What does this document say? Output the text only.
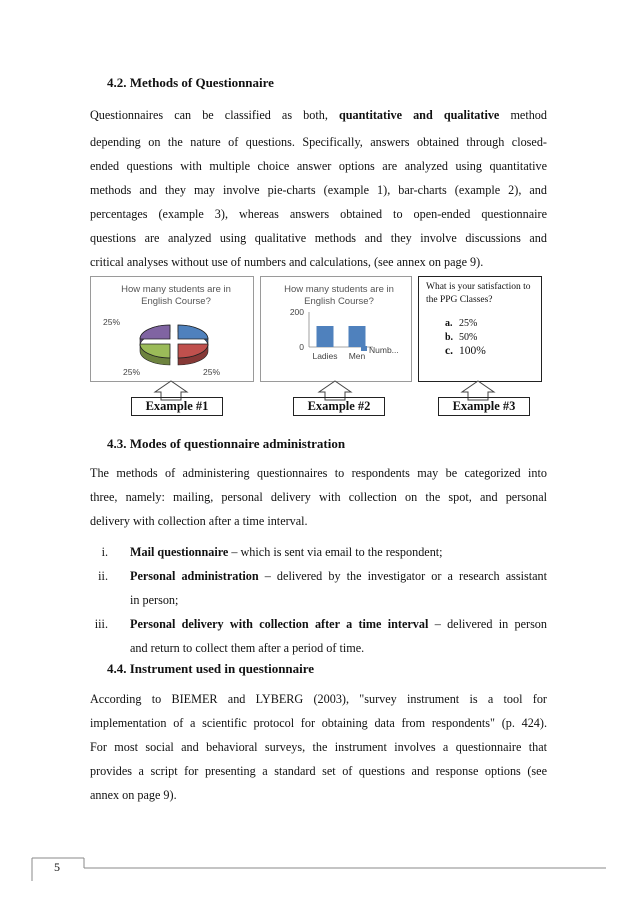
4.2. Methods of Questionnaire
Questionnaires can be classified as both, quantitative and qualitative method
depending on the nature of questions. Specifically, answers obtained through closed-
ended questions with multiple choice answer options are analyzed using quantitative
methods and they may involve pie-charts (example 1), bar-charts (example 2), and
percentages (example 3), whereas answers obtained to open-ended questionnaire
questions are analyzed using qualitative methods and they involve discussions and
critical analyses without use of numbers and calculations, (see annex on page 9).
How many students are in English Course?
25%
25%	25%
How many students are in English Course?
200
0
Ladies Men
Numb...
What is your satisfaction to the PPG Classes?
a. 25%
b. 50%
c. 100%
Example #1	Example #2	Example #3
4.3. Modes of questionnaire administration
The methods of administering questionnaires to respondents may be categorized into
three, namely: mailing, personal delivery with collection on the spot, and personal
delivery with collection after a time interval.
i. Mail questionnaire – which is sent via email to the respondent;
ii. Personal administration – delivered by the investigator or a research assistant
in person;
iii. Personal delivery with collection after a time interval – delivered in person
and return to collect them after a period of time.
4.4. Instrument used in questionnaire
According to BIEMER and LYBERG (2003), "survey instrument is a tool for
implementation of a scientific protocol for obtaining data from respondents" (p. 424).
For most social and behavioral surveys, the instrument involves a questionnaire that
provides a script for presenting a standard set of questions and response options (see
annex on page 9).
5
